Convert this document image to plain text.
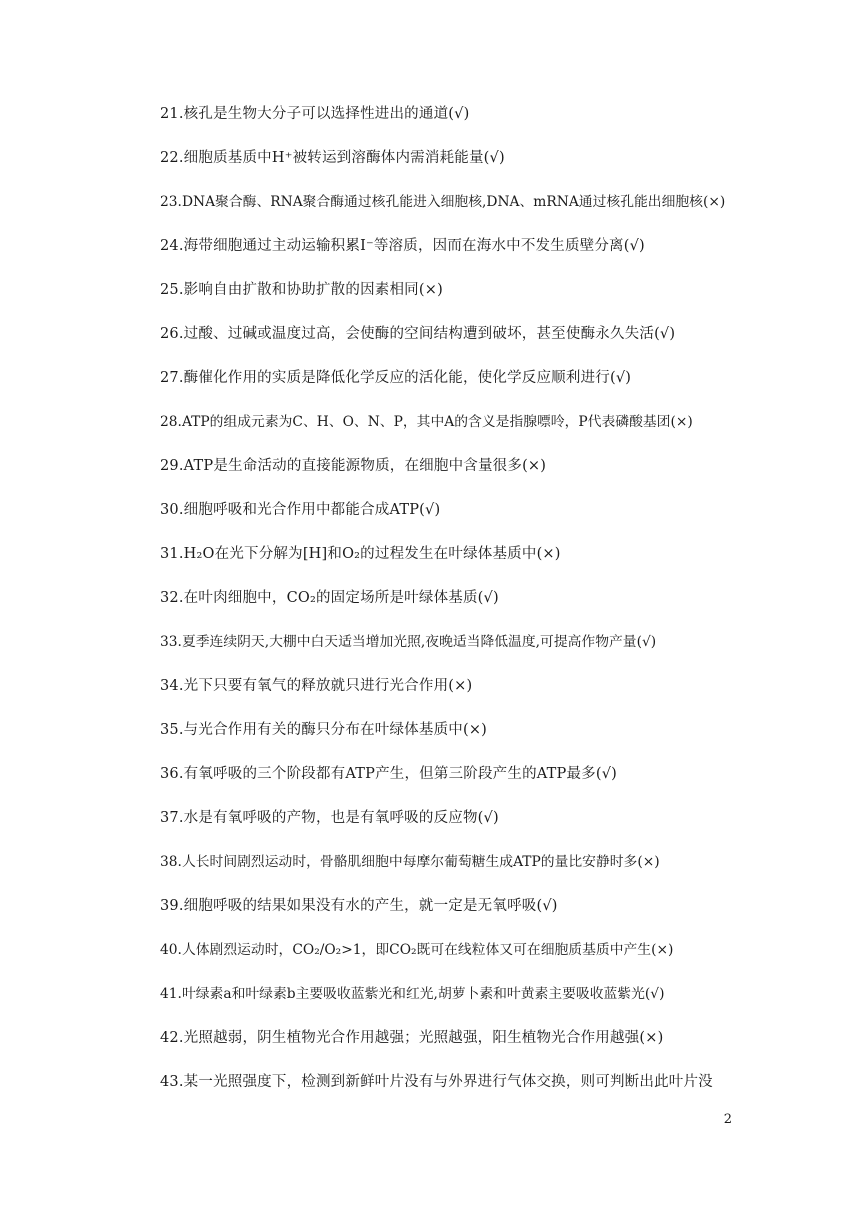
21.核孔是生物大分子可以选择性进出的通道(√)
22.细胞质基质中H⁺被转运到溶酶体内需消耗能量(√)
23.DNA聚合酶、RNA聚合酶通过核孔能进入细胞核,DNA、mRNA通过核孔能出细胞核(×)
24.海带细胞通过主动运输积累I⁻等溶质，因而在海水中不发生质壁分离(√)
25.影响自由扩散和协助扩散的因素相同(×)
26.过酸、过碱或温度过高，会使酶的空间结构遭到破坏，甚至使酶永久失活(√)
27.酶催化作用的实质是降低化学反应的活化能，使化学反应顺利进行(√)
28.ATP的组成元素为C、H、O、N、P，其中A的含义是指腺嘌呤，P代表磷酸基团(×)
29.ATP是生命活动的直接能源物质，在细胞中含量很多(×)
30.细胞呼吸和光合作用中都能合成ATP(√)
31.H₂O在光下分解为[H]和O₂的过程发生在叶绿体基质中(×)
32.在叶肉细胞中，CO₂的固定场所是叶绿体基质(√)
33.夏季连续阴天,大棚中白天适当增加光照,夜晚适当降低温度,可提高作物产量(√)
34.光下只要有氧气的释放就只进行光合作用(×)
35.与光合作用有关的酶只分布在叶绿体基质中(×)
36.有氧呼吸的三个阶段都有ATP产生，但第三阶段产生的ATP最多(√)
37.水是有氧呼吸的产物，也是有氧呼吸的反应物(√)
38.人长时间剧烈运动时，骨骼肌细胞中每摩尔葡萄糖生成ATP的量比安静时多(×)
39.细胞呼吸的结果如果没有水的产生，就一定是无氧呼吸(√)
40.人体剧烈运动时，CO₂/O₂>1，即CO₂既可在线粒体又可在细胞质基质中产生(×)
41.叶绿素a和叶绿素b主要吸收蓝紫光和红光,胡萝卜素和叶黄素主要吸收蓝紫光(√)
42.光照越弱，阴生植物光合作用越强；光照越强，阳生植物光合作用越强(×)
43.某一光照强度下，检测到新鲜叶片没有与外界进行气体交换，则可判断出此叶片没
2
